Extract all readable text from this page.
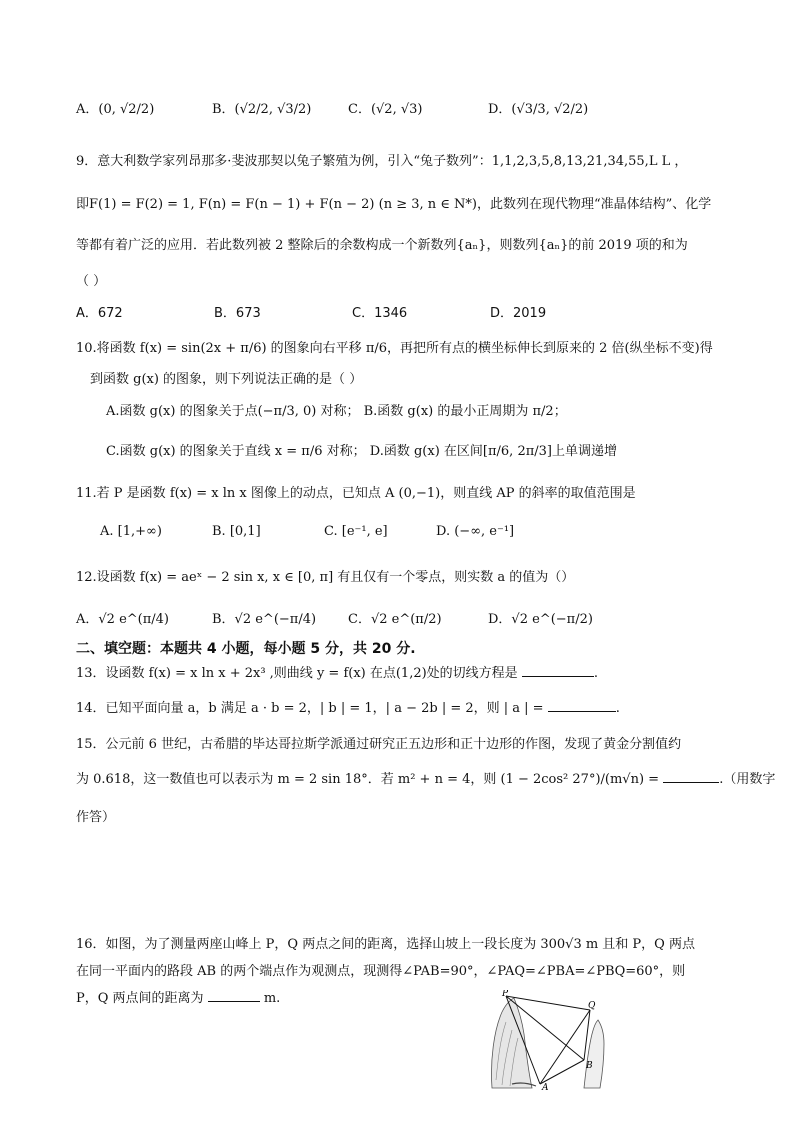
A．(0, √2/2)	B．(√2/2, √3/2)	C．(√2, √3)	D．(√3/3, √2/2)
9．意大利数学家列昂那多·斐波那契以兔子繁殖为例，引入“兔子数列”：1,1,2,3,5,8,13,21,34,55,L L ，
即F(1) = F(2) = 1, F(n) = F(n − 1) + F(n − 2) (n ≥ 3, n ∈ N*)，此数列在现代物理“准晶体结构”、化学
等都有着广泛的应用．若此数列被 2 整除后的余数构成一个新数列{aₙ}，则数列{aₙ}的前 2019 项的和为
（ ）
A．672	B．673	C．1346	D．2019
10.将函数 f(x) = sin(2x + π/6) 的图象向右平移 π/6，再把所有点的横坐标伸长到原来的 2 倍(纵坐标不变)得
到函数 g(x) 的图象，则下列说法正确的是（ ）
A.函数 g(x) 的图象关于点(−π/3, 0) 对称； B.函数 g(x) 的最小正周期为 π/2；
C.函数 g(x) 的图象关于直线 x = π/6 对称； D.函数 g(x) 在区间[π/6, 2π/3]上单调递增
11.若 P 是函数 f(x) = x ln x 图像上的动点，已知点 A (0,−1)，则直线 AP 的斜率的取值范围是
A. [1,+∞)	B. [0,1]	C. [e⁻¹, e]	D. (−∞, e⁻¹]
12.设函数 f(x) = aeˣ − 2 sin x, x ∈ [0, π] 有且仅有一个零点，则实数 a 的值为（）
A．√2 e^(π/4)	B．√2 e^(−π/4) C．√2 e^(π/2)	D．√2 e^(−π/2)
二、填空题：本题共 4 小题，每小题 5 分，共 20 分.
13．设函数 f(x) = x ln x + 2x³ ,则曲线 y = f(x) 在点(1,2)处的切线方程是	.
14．已知平面向量 a，b 满足 a · b = 2，| b | = 1，| a − 2b | = 2，则 | a | =	.
15．公元前 6 世纪，古希腊的毕达哥拉斯学派通过研究正五边形和正十边形的作图，发现了黄金分割值约
为 0.618，这一数值也可以表示为 m = 2 sin 18°．若 m² + n = 4，则 (1 − 2cos² 27°)/(m√n) =	.（用数字
作答）
16．如图，为了测量两座山峰上 P，Q 两点之间的距离，选择山坡上一段长度为 300√3 m 且和 P，Q 两点
在同一平面内的路段 AB 的两个端点作为观测点，现测得∠PAB=90°，∠PAQ=∠PBA=∠PBQ=60°，则
P，Q 两点间的距离为	m.	P
Q
A
B
